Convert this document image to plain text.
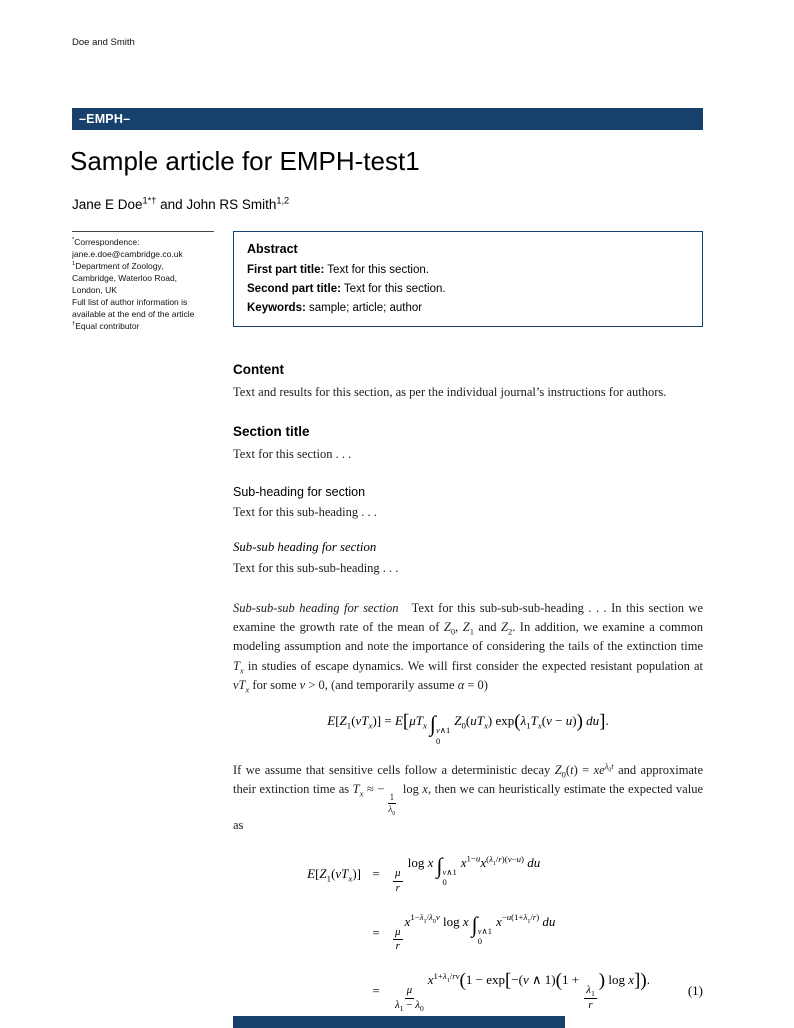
Doe and Smith
–EMPH–
Sample article for EMPH-test1
Jane E Doe$^{1*\dagger}$ and John RS Smith$^{1,2}$
*Correspondence:
jane.e.doe@cambridge.co.uk
$^1$Department of Zoology,
Cambridge, Waterloo Road,
London, UK
Full list of author information is
available at the end of the article
†Equal contributor
Abstract
First part title: Text for this section.
Second part title: Text for this section.
Keywords: sample; article; author
Content

Text and results for this section, as per the individual journal’s instructions for authors.

Section title

Text for this section . . .

Sub-heading for section

Text for this sub-heading . . .

Sub-sub heading for section

Text for this sub-sub-heading . . .

Sub-sub-sub heading for section   Text for this sub-sub-sub-heading . . . In this section we examine the growth rate of the mean of $Z_0$, $Z_1$ and $Z_2$. In addition, we examine a common modeling assumption and note the importance of considering the tails of the extinction time $T_x$ in studies of escape dynamics. We will first consider the expected resistant population at $vT_x$ for some v > 0, (and temporarily assume α = 0)

$E[Z_1(vT_x)] = E[\mu T_x$ ∫ v∧1
0
$Z_0(uT_x) \exp(\lambda_1T_x(v - u))$ du].

If we assume that sensitive cells follow a deterministic decay $Z_0(t) = xe^{\lambda_0t}$ and approximate their extinction time as $T_x$ ≈ −
$\frac{1}{\lambda_0}$
log x, then we can heuristically estimate the expected value as

$E[Z_1(vT_x)]$	=	$\frac{\mu}{r}$
log x ∫ v∧1
0
$x^{1-u}x^{(\lambda_1/r)(v-u)}$ du	
	=	$\frac{\mu}{r}$
$x^{1-\lambda_1/\lambda_0v}$ log x ∫ v∧1
0
$x^{-u(1+\lambda_1/r)}$ du	
	=	$\frac{\mu}{\lambda_1 - \lambda_0}$
$x^{1+\lambda_1/rv}(1 - \exp[-(v$ ∧ 1)(1 +
$\frac{\lambda_1}{r}$
) log x]).	(1)
